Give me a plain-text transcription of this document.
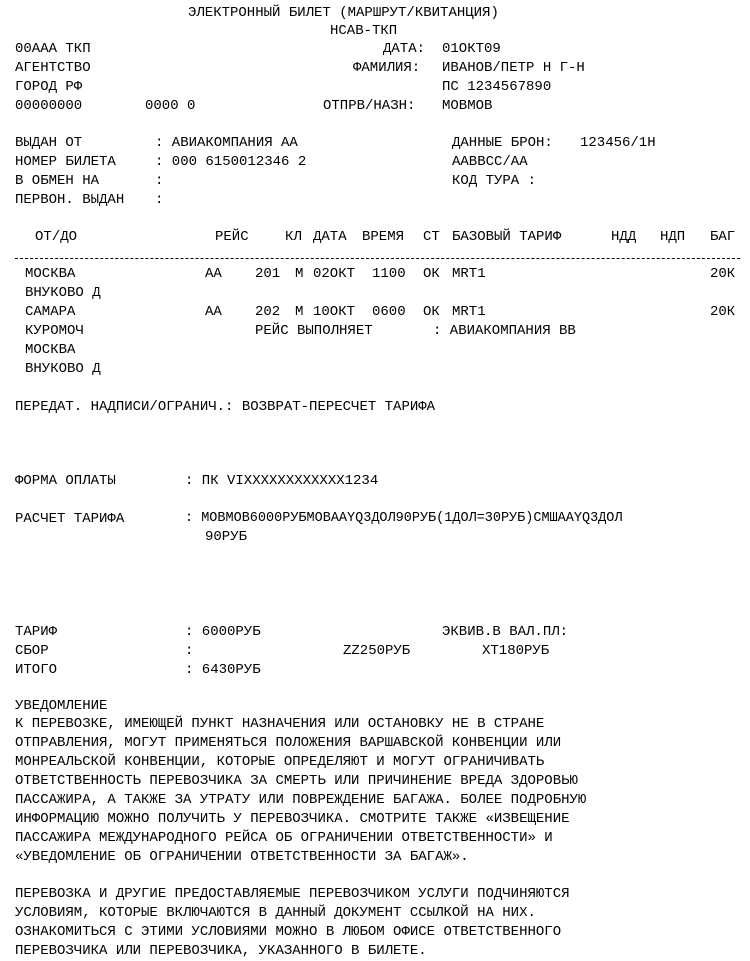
ЭЛЕКТРОННЫЙ БИЛЕТ (МАРШРУТ/КВИТАНЦИЯ)
НСАВ-ТКП
00ААА ТКП
АГЕНТСТВО
ГОРОД РФ
00000000	0000 0
ДАТА: 01ОКТ09
ФАМИЛИЯ: ИВАНОВ/ПЕТР Н Г-Н
ПС 1234567890
ОТПРВ/НАЗН: МОВМОВ
ВЫДАН ОТ	: АВИАКОМПАНИЯ АА
НОМЕР БИЛЕТА	: 000 6150012346 2
В ОБМЕН НА	:
ПЕРВОН. ВЫДАН :
ДАННЫЕ БРОН: 123456/1Н
ААВВСС/АА
КОД ТУРА :
ОТ/ДО	РЕЙС	КЛ ДАТА ВРЕМЯ СТ БАЗОВЫЙ ТАРИФ	НДД НДП БАГ
МОСКВА	АА 201 М 02ОКТ 1100 ОК MRT1	20К
ВНУКОВО Д
САМАРА	АА 202 М 10ОКТ 0600 ОК MRT1	20К
КУРОМОЧ	РЕЙС ВЫПОЛНЯЕТ	: АВИАКОМПАНИЯ ВВ
МОСКВА
ВНУКОВО Д
ПЕРЕДАТ. НАДПИСИ/ОГРАНИЧ.: ВОЗВРАТ-ПЕРЕСЧЕТ ТАРИФА
ФОРМА ОПЛАТЫ	: ПК VIXXXXXXXXXXXX1234
РАСЧЕТ ТАРИФА	: МОВМОВ6000РУБМОВААYQ3ДОЛ90РУБ(1ДОЛ=30РУБ)СМШААYQ3ДОЛ
90РУБ
ТАРИФ	: 6000РУБ	ЭКВИВ.В ВАЛ.ПЛ:
СБОР	:	ZZ250РУБ	XT180РУБ
ИТОГО	: 6430РУБ
УВЕДОМЛЕНИЕ
К ПЕРЕВОЗКЕ, ИМЕЮЩЕЙ ПУНКТ НАЗНАЧЕНИЯ ИЛИ ОСТАНОВКУ НЕ В СТРАНЕ
ОТПРАВЛЕНИЯ, МОГУТ ПРИМЕНЯТЬСЯ ПОЛОЖЕНИЯ ВАРШАВСКОЙ КОНВЕНЦИИ ИЛИ
МОНРЕАЛЬСКОЙ КОНВЕНЦИИ, КОТОРЫЕ ОПРЕДЕЛЯЮТ И МОГУТ ОГРАНИЧИВАТЬ
ОТВЕТСТВЕННОСТЬ ПЕРЕВОЗЧИКА ЗА СМЕРТЬ ИЛИ ПРИЧИНЕНИЕ ВРЕДА ЗДОРОВЬЮ
ПАССАЖИРА, А ТАКЖЕ ЗА УТРАТУ ИЛИ ПОВРЕЖДЕНИЕ БАГАЖА. БОЛЕЕ ПОДРОБНУЮ
ИНФОРМАЦИЮ МОЖНО ПОЛУЧИТЬ У ПЕРЕВОЗЧИКА. СМОТРИТЕ ТАКЖЕ «ИЗВЕЩЕНИЕ
ПАССАЖИРА МЕЖДУНАРОДНОГО РЕЙСА ОБ ОГРАНИЧЕНИИ ОТВЕТСТВЕННОСТИ» И
«УВЕДОМЛЕНИЕ ОБ ОГРАНИЧЕНИИ ОТВЕТСТВЕННОСТИ ЗА БАГАЖ».
ПЕРЕВОЗКА И ДРУГИЕ ПРЕДОСТАВЛЯЕМЫЕ ПЕРЕВОЗЧИКОМ УСЛУГИ ПОДЧИНЯЮТСЯ
УСЛОВИЯМ, КОТОРЫЕ ВКЛЮЧАЮТСЯ В ДАННЫЙ ДОКУМЕНТ ССЫЛКОЙ НА НИХ.
ОЗНАКОМИТЬСЯ С ЭТИМИ УСЛОВИЯМИ МОЖНО В ЛЮБОМ ОФИСЕ ОТВЕТСТВЕННОГО
ПЕРЕВОЗЧИКА ИЛИ ПЕРЕВОЗЧИКА, УКАЗАННОГО В БИЛЕТЕ.
